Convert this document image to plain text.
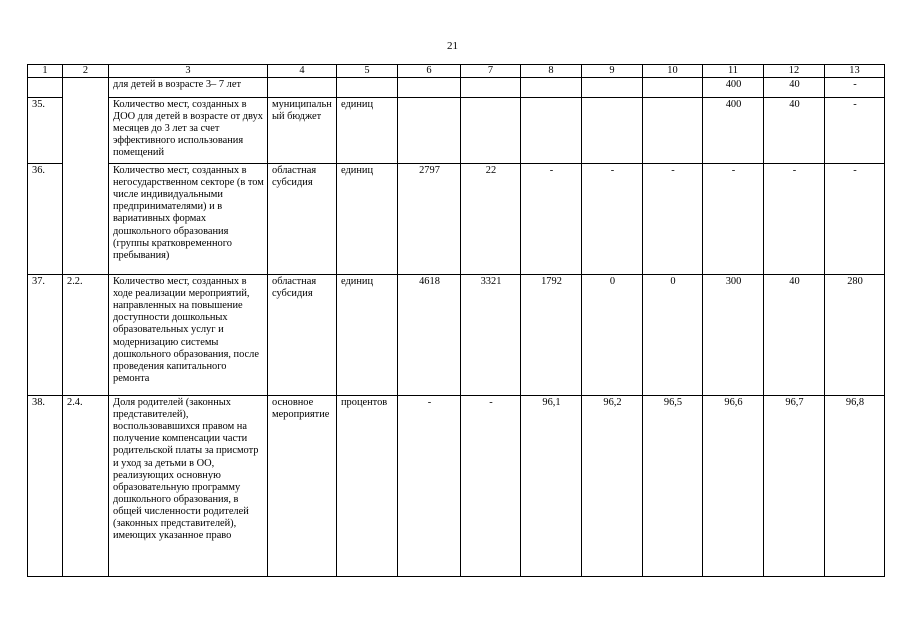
21
1	2	3	4	5	6	7	8	9	10	11	12	13
		для детей в возрасте 3– 7 лет								400	40	-
35.		Количество мест, созданных в ДОО для детей в возрасте от двух месяцев до 3 лет за счет эффективного использования помещений	муниципальный бюджет	единиц						400	40	-
36.		Количество мест, созданных в негосударственном секторе (в том числе индивидуальными предпринимателями) и в вариативных формах дошкольного образования (группы кратковременного пребывания)	областная субсидия	единиц	2797	22	-	-	-	-	-	-
37.	2.2.	Количество мест, созданных в ходе реализации мероприятий, направленных на повышение доступности дошкольных образовательных услуг и модернизацию системы дошкольного образования, после проведения капитального ремонта	областная субсидия	единиц	4618	3321	1792	0	0	300	40	280
38.	2.4.	Доля родителей (законных представителей), воспользовавшихся правом на получение компенсации части родительской платы за присмотр и уход за детьми в ОО, реализующих основную образовательную программу дошкольного образования, в общей численности родителей (законных представителей), имеющих указанное право	основное мероприятие	процентов	-	-	96,1	96,2	96,5	96,6	96,7	96,8
